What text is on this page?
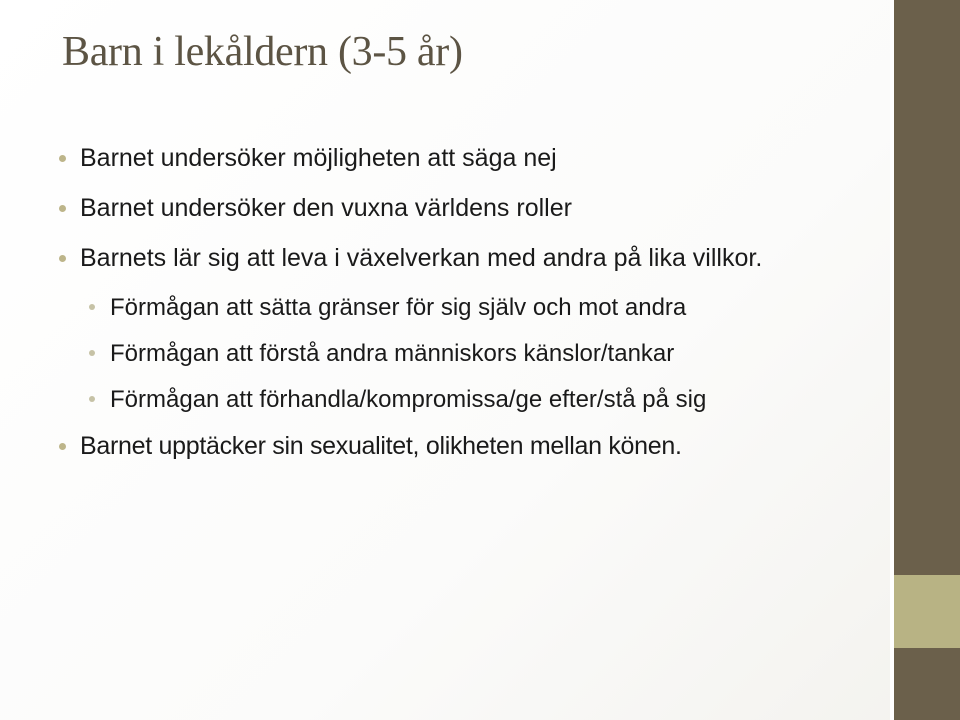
Barn i lekåldern (3-5 år)
Barnet undersöker möjligheten att säga nej
Barnet undersöker den vuxna världens roller
Barnets lär sig att leva i växelverkan med andra på lika villkor.
Förmågan att sätta gränser för sig själv och mot andra
Förmågan att förstå andra människors känslor/tankar
Förmågan att förhandla/kompromissa/ge efter/stå på sig
Barnet upptäcker sin sexualitet, olikheten mellan könen.
